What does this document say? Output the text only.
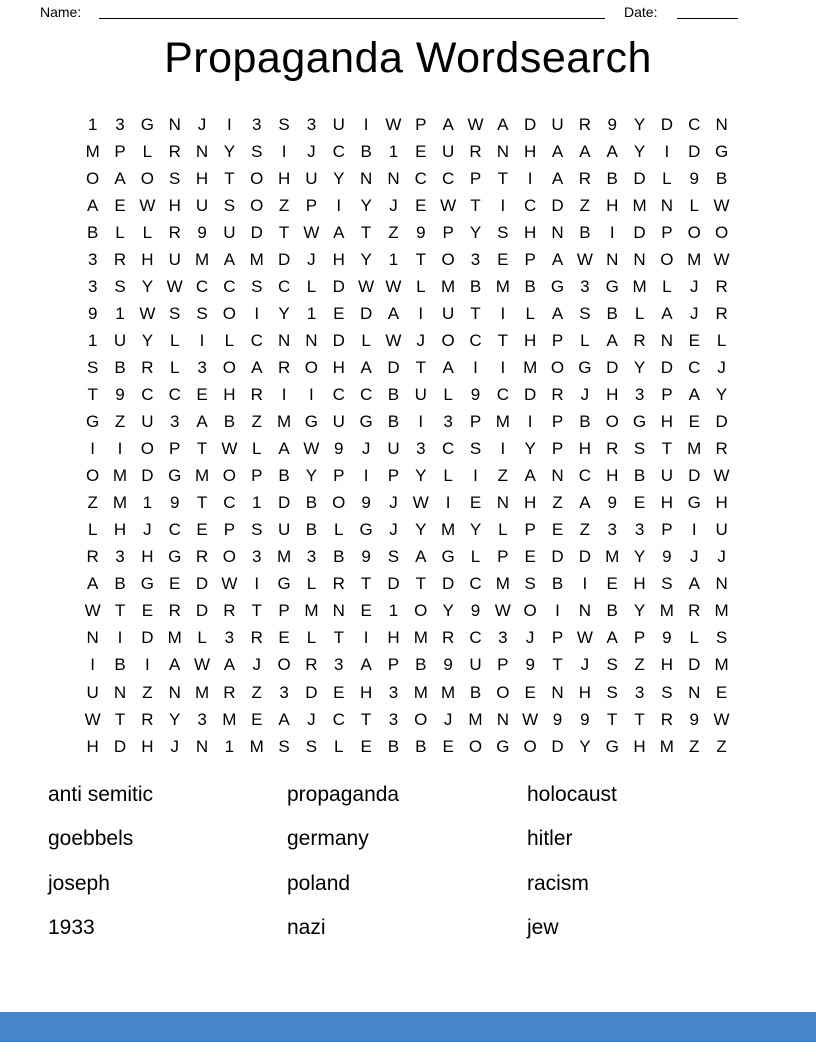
Name:	Date:
Propaganda Wordsearch
1	3 G N J	I	3 S 3 U	I W P A W A D U R 9 Y D C N
M P L R N Y S	I	J C B 1 E U R N H A A A Y	I	D G
O A O S H T O H U Y N N C C P T	I	A R B D L	9 B
A E W H U S O Z P	I	Y	J	E W T	I	C D Z H M N L W
B L	L R 9 U D T W A T Z	9 P Y S H N B	I	D P O O
3 R H U M A M D J H Y 1	T O 3 E P A W N N O M W
3 S Y W C C S C L D W W L M B M B G 3 G M L	J R
9	1 W S S O	I	Y 1 E D A	I	U T	I	L A S B L A	J R
1 U Y L	I	L C N N D L W J O C T H P L A R N E L
S B R L	3 O A R O H A D T A	I	I	M O G D Y D C J
T	9 C C E H R	I	I	C C B U L	9 C D R J H 3 P A Y
G Z U 3 A B Z M G U G B	I	3 P M	I	P B O G H E D
I	I	O P T W L A W 9	J U 3 C S	I	Y P H R S T M R
O M D G M O P B Y P	I	P Y L	I	Z A N C H B U D W
Z M 1	9	T C 1 D B O 9	J W I	E N H Z A 9 E H G H
L H J C E P S U B L G J	Y M Y L P E Z	3	3 P	I	U
R 3 H G R O 3 M 3 B 9 S A G L P E D D M Y 9	J	J
A B G E D W I	G L R T D T D C M S B	I	E H S A N
W T E R D R T P M N E 1 O Y 9 W O	I	N B Y M R M
N	I	D M L	3 R E L	T	I	H M R C 3	J	P W A P 9	L S
I	B	I	A W A	J O R 3 A P B 9 U P 9	T	J	S Z H D M
U N Z N M R Z	3 D E H 3 M M B O E N H S 3 S N E
W T R Y 3 M E A	J C T	3 O J M N W 9	9	T T R 9 W
H D H J N 1 M S S L E B B E O G O D Y G H M Z Z
anti semitic
goebbels
joseph
1933
propaganda
germany
poland
nazi
holocaust
hitler
racism
jew
